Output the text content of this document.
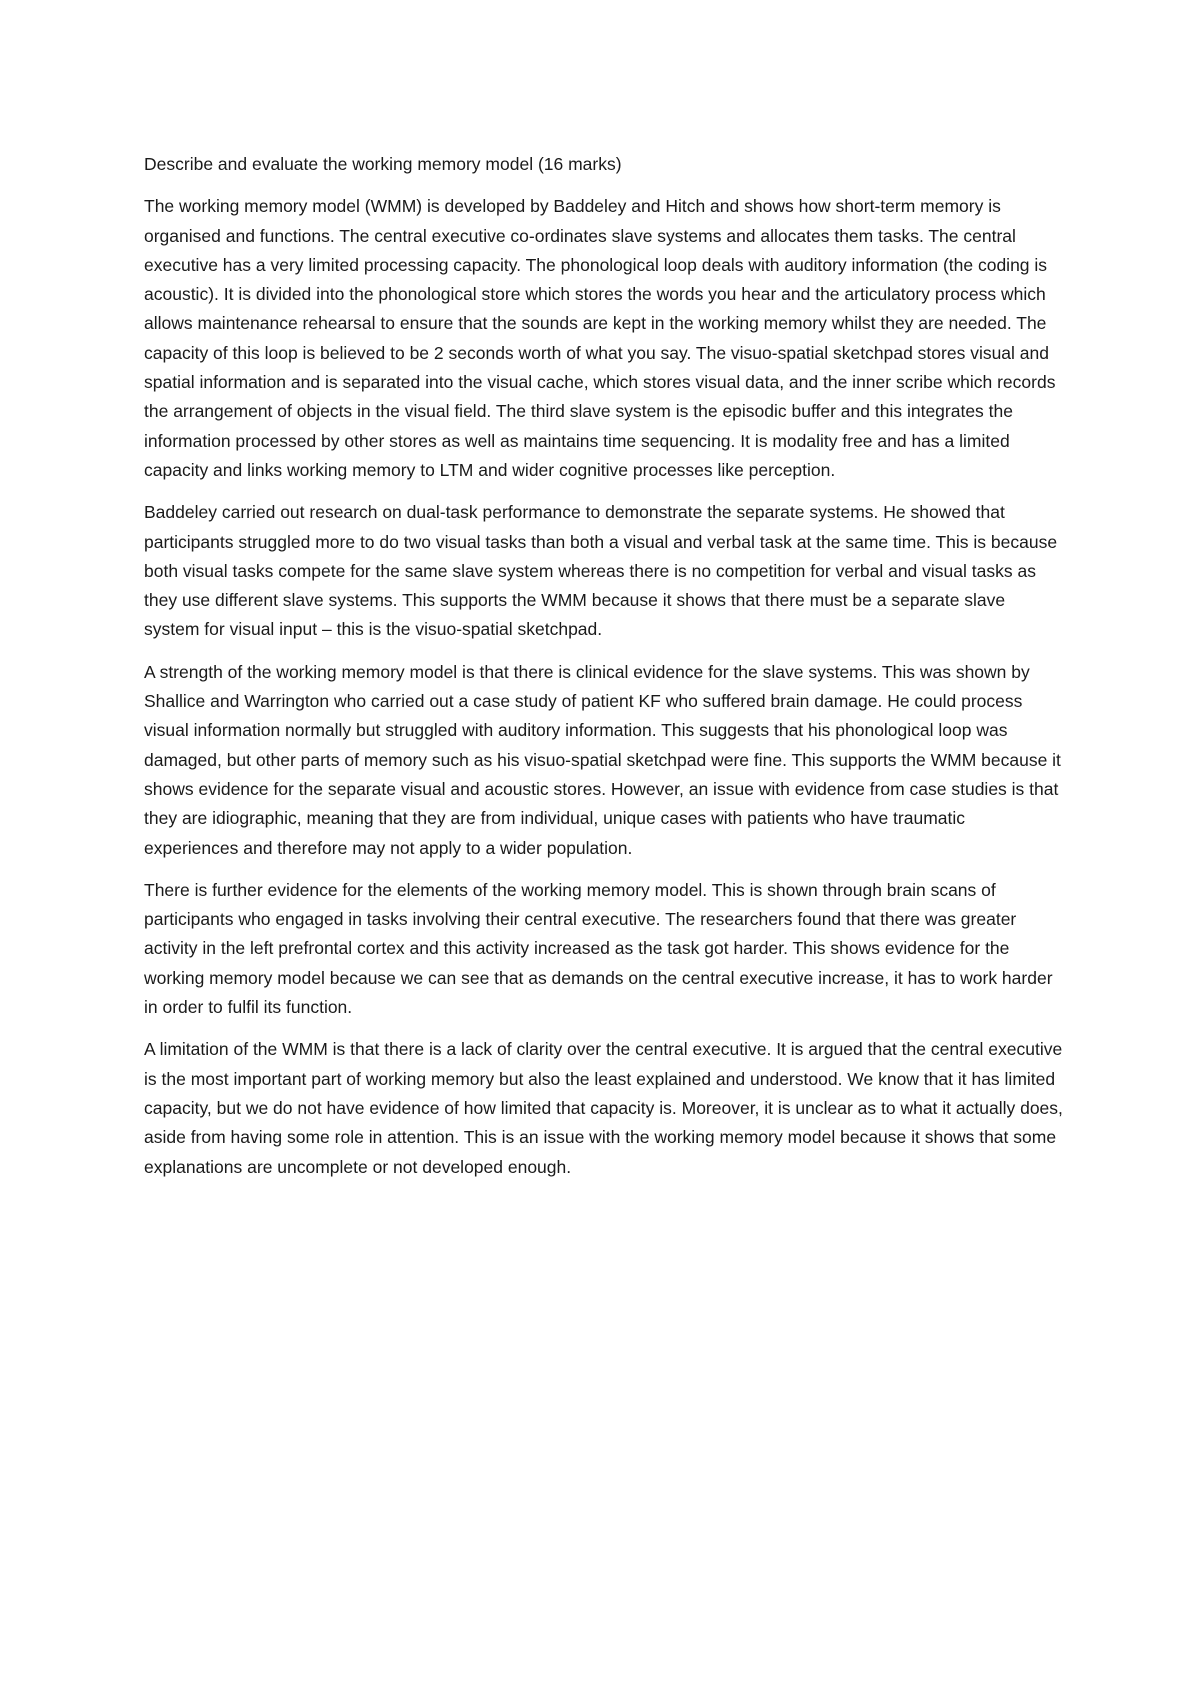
Describe and evaluate the working memory model (16 marks)

The working memory model (WMM) is developed by Baddeley and Hitch and shows how short-term memory is organised and functions. The central executive co-ordinates slave systems and allocates them tasks. The central executive has a very limited processing capacity. The phonological loop deals with auditory information (the coding is acoustic). It is divided into the phonological store which stores the words you hear and the articulatory process which allows maintenance rehearsal to ensure that the sounds are kept in the working memory whilst they are needed. The capacity of this loop is believed to be 2 seconds worth of what you say. The visuo-spatial sketchpad stores visual and spatial information and is separated into the visual cache, which stores visual data, and the inner scribe which records the arrangement of objects in the visual field. The third slave system is the episodic buffer and this integrates the information processed by other stores as well as maintains time sequencing. It is modality free and has a limited capacity and links working memory to LTM and wider cognitive processes like perception.

Baddeley carried out research on dual-task performance to demonstrate the separate systems. He showed that participants struggled more to do two visual tasks than both a visual and verbal task at the same time. This is because both visual tasks compete for the same slave system whereas there is no competition for verbal and visual tasks as they use different slave systems. This supports the WMM because it shows that there must be a separate slave system for visual input – this is the visuo-spatial sketchpad.

A strength of the working memory model is that there is clinical evidence for the slave systems. This was shown by Shallice and Warrington who carried out a case study of patient KF who suffered brain damage. He could process visual information normally but struggled with auditory information. This suggests that his phonological loop was damaged, but other parts of memory such as his visuo-spatial sketchpad were fine. This supports the WMM because it shows evidence for the separate visual and acoustic stores. However, an issue with evidence from case studies is that they are idiographic, meaning that they are from individual, unique cases with patients who have traumatic experiences and therefore may not apply to a wider population.

There is further evidence for the elements of the working memory model. This is shown through brain scans of participants who engaged in tasks involving their central executive. The researchers found that there was greater activity in the left prefrontal cortex and this activity increased as the task got harder. This shows evidence for the working memory model because we can see that as demands on the central executive increase, it has to work harder in order to fulfil its function.

A limitation of the WMM is that there is a lack of clarity over the central executive. It is argued that the central executive is the most important part of working memory but also the least explained and understood. We know that it has limited capacity, but we do not have evidence of how limited that capacity is. Moreover, it is unclear as to what it actually does, aside from having some role in attention. This is an issue with the working memory model because it shows that some explanations are uncomplete or not developed enough.
